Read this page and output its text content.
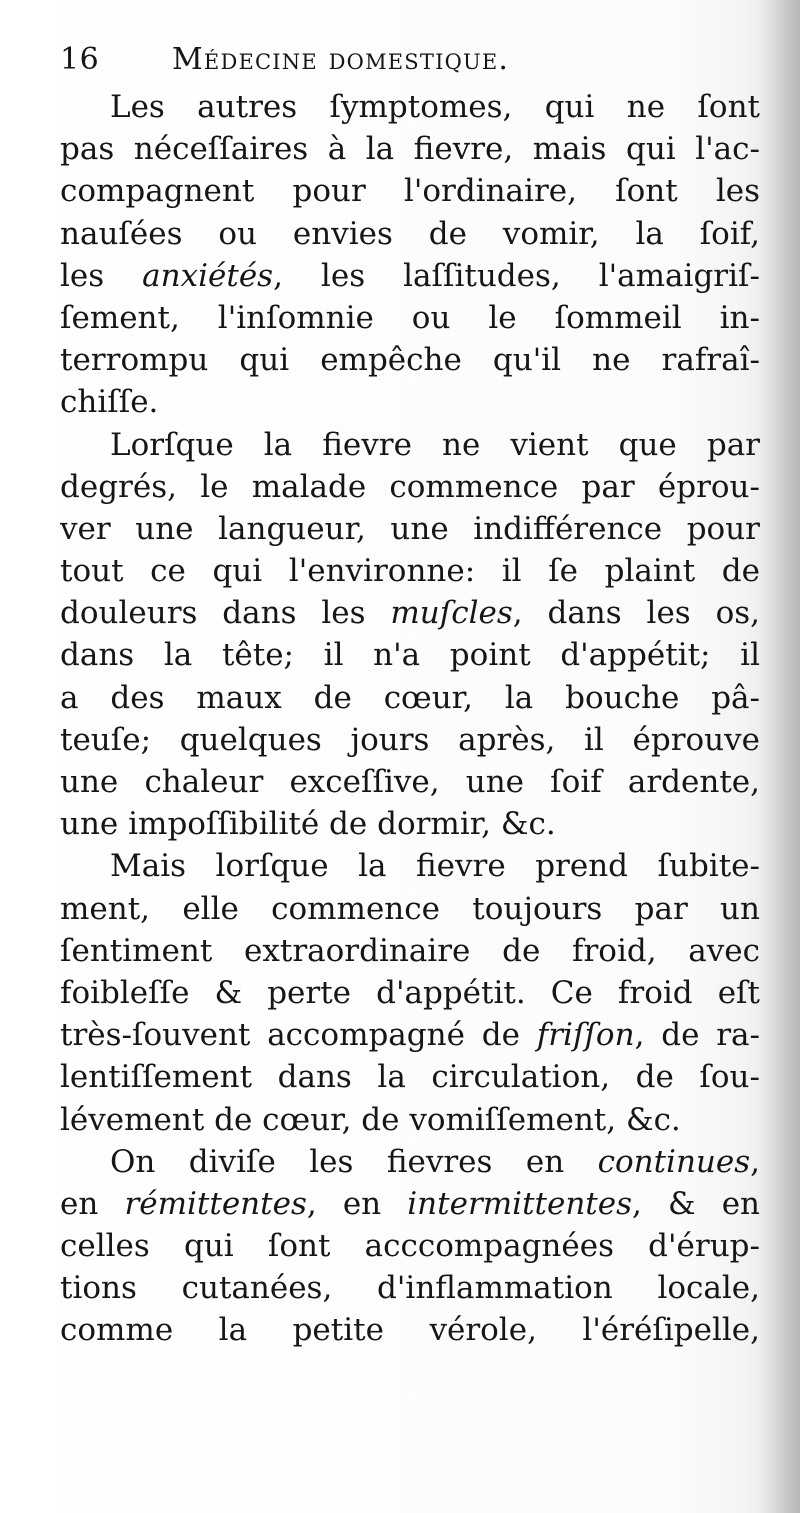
16 Médecine domestique.
Les autres ſymptomes, qui ne ſont
pas néceſſaires à la fievre, mais qui l'ac-
compagnent pour l'ordinaire, ſont les
nauſées ou envies de vomir, la ſoif,
les anxiétés, les laſſitudes, l'amaigriſ-
ſement, l'inſomnie ou le ſommeil in-
terrompu qui empêche qu'il ne rafraî-
chiſſe.
Lorſque la fievre ne vient que par
degrés, le malade commence par éprou-
ver une langueur, une indifférence pour
tout ce qui l'environne: il ſe plaint de
douleurs dans les muſcles, dans les os,
dans la tête; il n'a point d'appétit; il
a des maux de cœur, la bouche pâ-
teuſe; quelques jours après, il éprouve
une chaleur exceſſive, une ſoif ardente,
une impoſſibilité de dormir, &c.
Mais lorſque la fievre prend ſubite-
ment, elle commence toujours par un
ſentiment extraordinaire de froid, avec
foibleſſe & perte d'appétit. Ce froid eſt
très-ſouvent accompagné de friſſon, de ra-
lentiſſement dans la circulation, de ſou-
lévement de cœur, de vomiſſement, &c.
On diviſe les fievres en continues,
en rémittentes, en intermittentes, & en
celles qui ſont acccompagnées d'érup-
tions cutanées, d'inflammation locale,
comme la petite vérole, l'éréſipelle,
